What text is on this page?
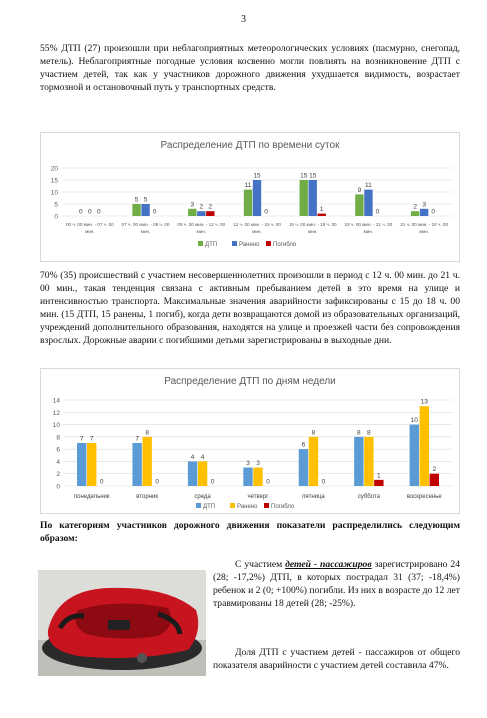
3

55% ДТП (27) произошли при неблагоприятных метеорологических условиях (пасмурно, снегопад, метель). Неблагоприятные погодные условия косвенно могли повлиять на возникновение ДТП с участием детей, так как у участников дорожного движения ухудшается видимость, возрастает тормозной и остановочный путь у транспортных средств.

Распределение ДТП по времени суток
0
5
10
15
20
0 0 0
00 ч. 00 мин. - 07 ч. 00
мин.
5 5
0
07 ч. 00 мин. - 09 ч. 00
мин.
3 2 2
09 ч. 00 мин. - 12 ч. 00
мин.
11
15
0
12 ч. 00 мин. - 15 ч. 00
мин.
15 15
1
15 ч. 00 мин. - 18 ч. 00
мин.
9
11
0
18 ч. 00 мин. - 21 ч. 00
мин.
2 3
0
21 ч. 00 мин. - 24 ч. 00
мин.
ДТП	Ранено Погибло

70% (35) происшествий с участием несовершеннолетних произошли в период с 12 ч. 00 мин. до 21 ч. 00 мин., такая тенденция связана с активным пребыванием детей в это время на улице и интенсивностью транспорта. Максимальные значения аварийности зафиксированы с 15 до 18 ч. 00 мин. (15 ДТП, 15 ранены, 1 погиб), когда дети возвращаются домой из образовательных организаций, учреждений дополнительного образования, находятся на улице и проезжей части без сопровождения взрослых. Дорожные аварии с погибшими детьми зарегистрированы в выходные дни.

Распределение ДТП по дням недели
0
2
4
6
8
10
12
14
7 7
0
понедельник
7
8
0
вторник
4 4
0
среда
3 3
0
четверг
6
8
0
пятница
8 8
1
суббота
10
13
2
воскресенье
ДТП	Ранено Погибло

По категориям участников дорожного движения показатели распределились следующим образом:

С участием детей - пассажиров зарегистрировано 24 (28; -17,2%) ДТП, в которых пострадал 31 (37; -18,4%) ребенок и 2 (0; +100%) погибли. Из них в возрасте до 12 лет травмированы 18 детей (28; -25%).

Доля ДТП с участием детей - пассажиров от общего показателя аварийности с участием детей составила 47%.
